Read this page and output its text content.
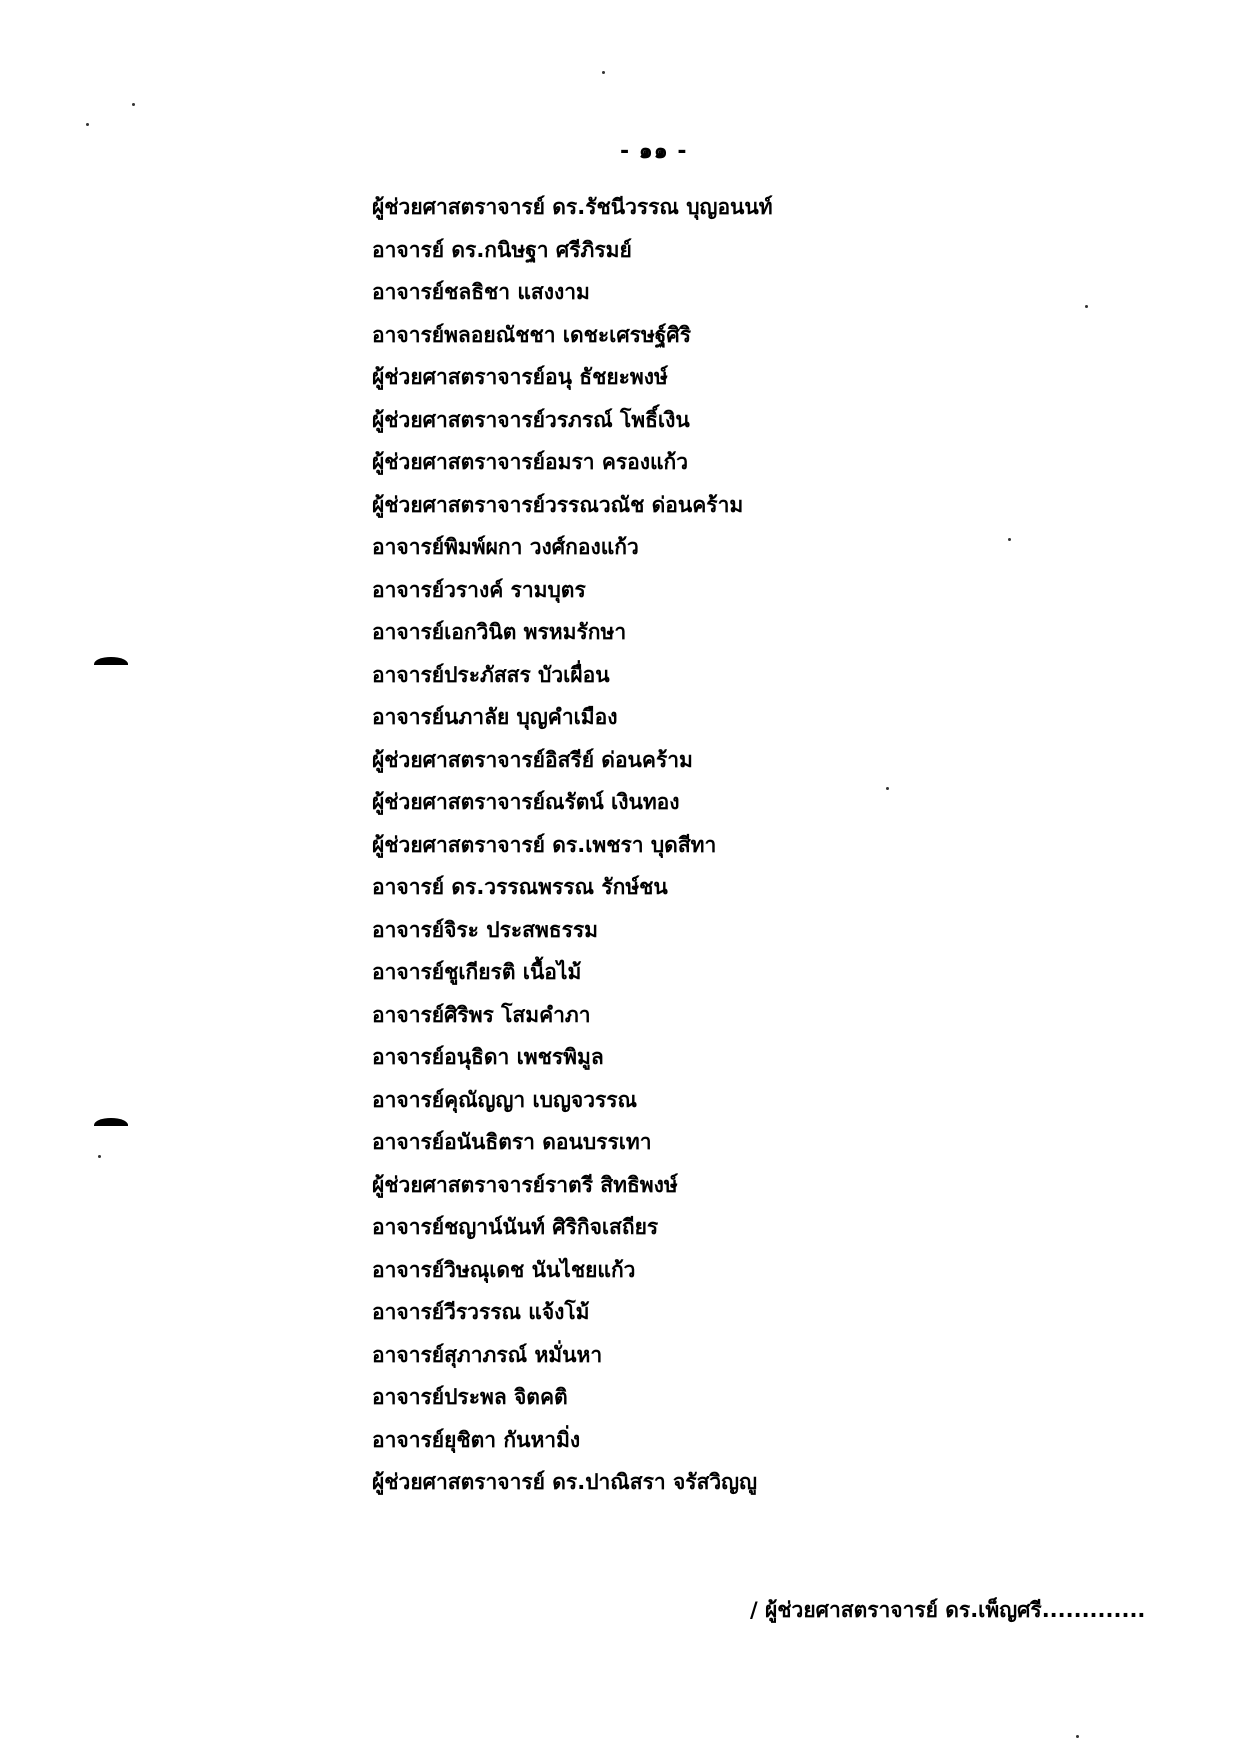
- ๑๑ -
ผู้ช่วยศาสตราจารย์ ดร.รัชนีวรรณ บุญอนนท์
อาจารย์ ดร.กนิษฐา ศรีภิรมย์
อาจารย์ชลธิชา แสงงาม
อาจารย์พลอยณัชชา เดชะเศรษฐ์ศิริ
ผู้ช่วยศาสตราจารย์อนุ ธัชยะพงษ์
ผู้ช่วยศาสตราจารย์วรภรณ์ โพธิ์เงิน
ผู้ช่วยศาสตราจารย์อมรา ครองแก้ว
ผู้ช่วยศาสตราจารย์วรรณวณัช ด่อนคร้าม
อาจารย์พิมพ์ผกา วงศ์กองแก้ว
อาจารย์วรางค์ รามบุตร
อาจารย์เอกวินิต พรหมรักษา
อาจารย์ประภัสสร บัวเผื่อน
อาจารย์นภาลัย บุญคำเมือง
ผู้ช่วยศาสตราจารย์อิสรีย์ ด่อนคร้าม
ผู้ช่วยศาสตราจารย์ณรัตน์ เงินทอง
ผู้ช่วยศาสตราจารย์ ดร.เพชรา บุดสีทา
อาจารย์ ดร.วรรณพรรณ รักษ์ชน
อาจารย์จิระ ประสพธรรม
อาจารย์ชูเกียรติ เนื้อไม้
อาจารย์ศิริพร โสมคำภา
อาจารย์อนุธิดา เพชรพิมูล
อาจารย์คุณัญญา เบญจวรรณ
อาจารย์อนันธิตรา ดอนบรรเทา
ผู้ช่วยศาสตราจารย์ราตรี สิทธิพงษ์
อาจารย์ชญาน์นันท์ ศิริกิจเสถียร
อาจารย์วิษณุเดช นันไชยแก้ว
อาจารย์วีรวรรณ แจ้งโม้
อาจารย์สุภาภรณ์ หมั่นหา
อาจารย์ประพล จิตคติ
อาจารย์ยุชิตา กันหามิ่ง
ผู้ช่วยศาสตราจารย์ ดร.ปาณิสรา จรัสวิญญู
/ ผู้ช่วยศาสตราจารย์ ดร.เพ็ญศรี.............
